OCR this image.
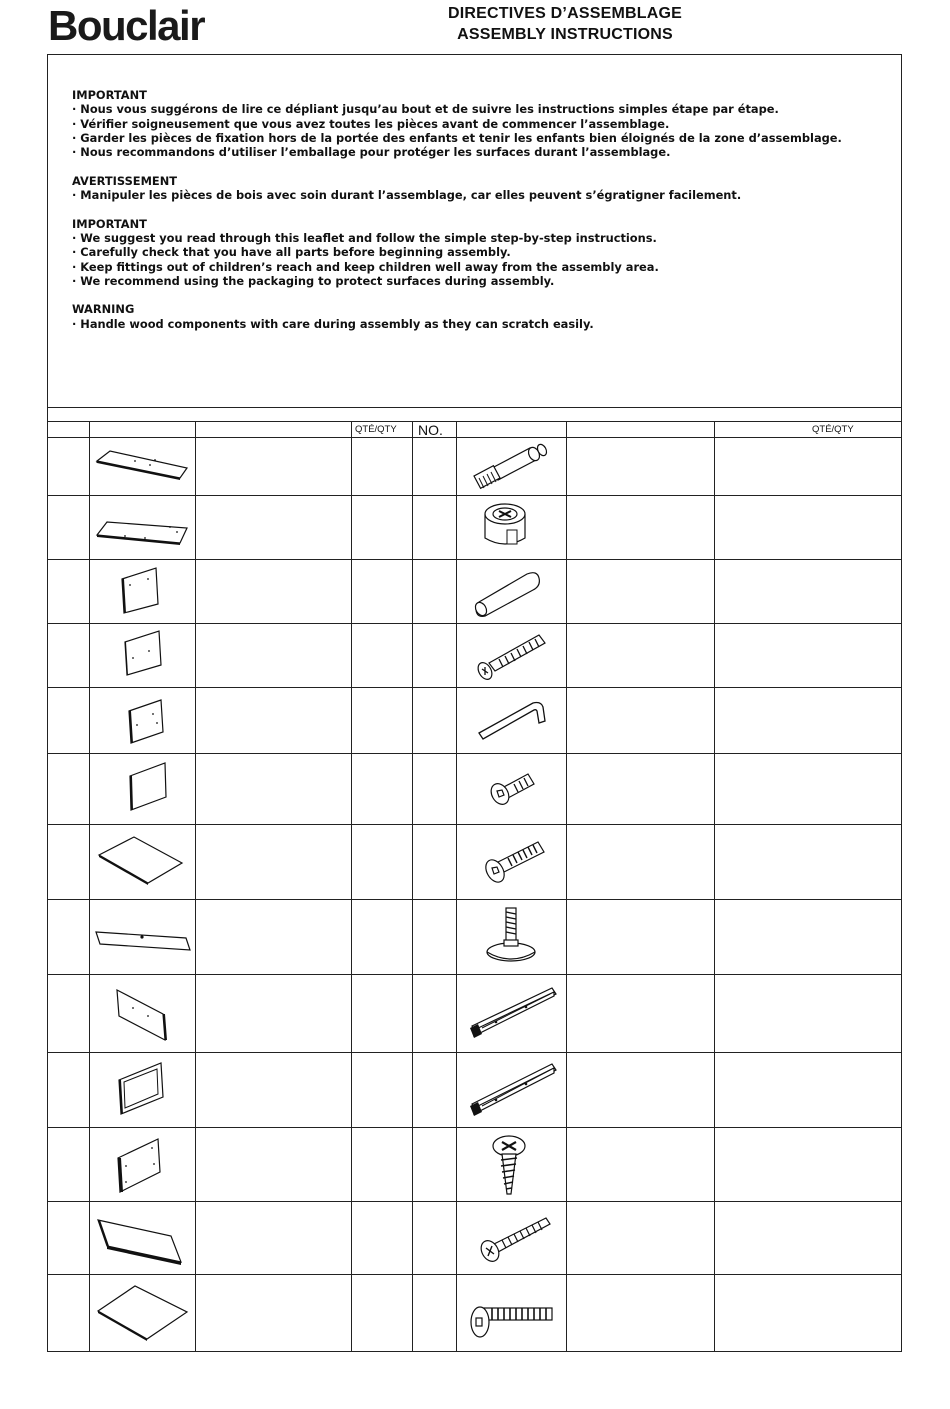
Bouclair	DIRECTIVES D’ASSEMBLAGE
ASSEMBLY INSTRUCTIONS
IMPORTANT
· Nous vous suggérons de lire ce dépliant jusqu’au bout et de suivre les instructions simples étape par étape.
· Vérifier soigneusement que vous avez toutes les pièces avant de commencer l’assemblage.
· Garder les pièces de fixation hors de la portée des enfants et tenir les enfants bien éloignés de la zone d’assemblage.
· Nous recommandons d’utiliser l’emballage pour protéger les surfaces durant l’assemblage.
AVERTISSEMENT
· Manipuler les pièces de bois avec soin durant l’assemblage, car elles peuvent s’égratigner facilement.
IMPORTANT
· We suggest you read through this leaflet and follow the simple step-by-step instructions.
· Carefully check that you have all parts before beginning assembly.
· Keep fittings out of children’s reach and keep children well away from the assembly area.
· We recommend using the packaging to protect surfaces during assembly.
WARNING
· Handle wood components with care during assembly as they can scratch easily.
QTÉ/QTY NO.	QTÉ/QTY
